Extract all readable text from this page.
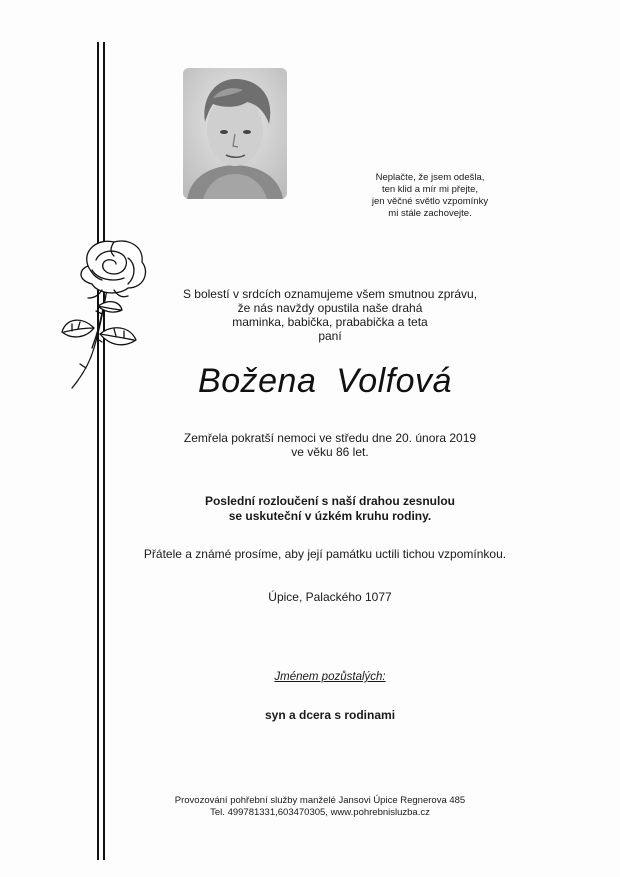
Neplačte, že jsem odešla,
ten klid a mír mi přejte,
jen věčné světlo vzpomínky
mi stále zachovejte.
S bolestí v srdcích oznamujeme všem smutnou zprávu,
že nás navždy opustila naše drahá
maminka, babička, prababička a teta
paní
Božena Volfová
Zemřela pokratší nemoci ve středu dne 20. února 2019
ve věku 86 let.
Poslední rozloučení s naší drahou zesnulou
se uskuteční v úzkém kruhu rodiny.
Přátele a známé prosíme, aby její památku uctili tichou vzpomínkou.
Úpice, Palackého 1077
Jménem pozůstalých:
syn a dcera s rodinami
Provozování pohřební služby manželé Jansovi Úpice Regnerova 485
Tel. 499781331,603470305, www.pohrebnisluzba.cz
